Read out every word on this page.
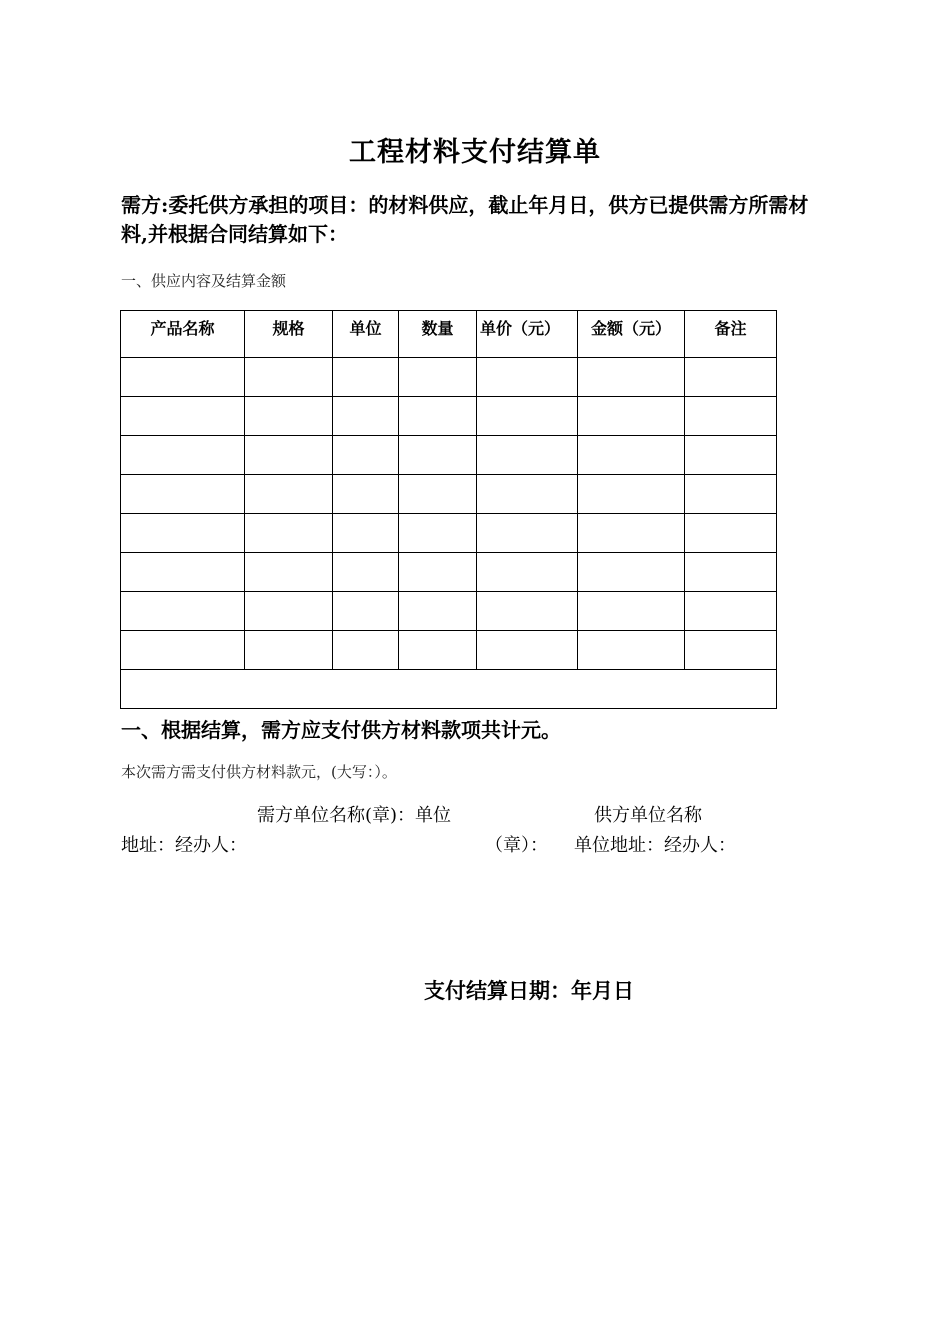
工程材料支付结算单
需方:委托供方承担的项目：的材料供应，截止年月日，供方已提供需方所需材料,并根据合同结算如下：
一、供应内容及结算金额
产品名称	规格	单位	数量	单价（元）	金额（元）	备注

一、根据结算，需方应支付供方材料款项共计元。
本次需方需支付供方材料款元，(大写：）。
需方单位名称(章)：单位	供方单位名称
地址：经办人：	（章）： 单位地址：经办人：
支付结算日期：年月日
